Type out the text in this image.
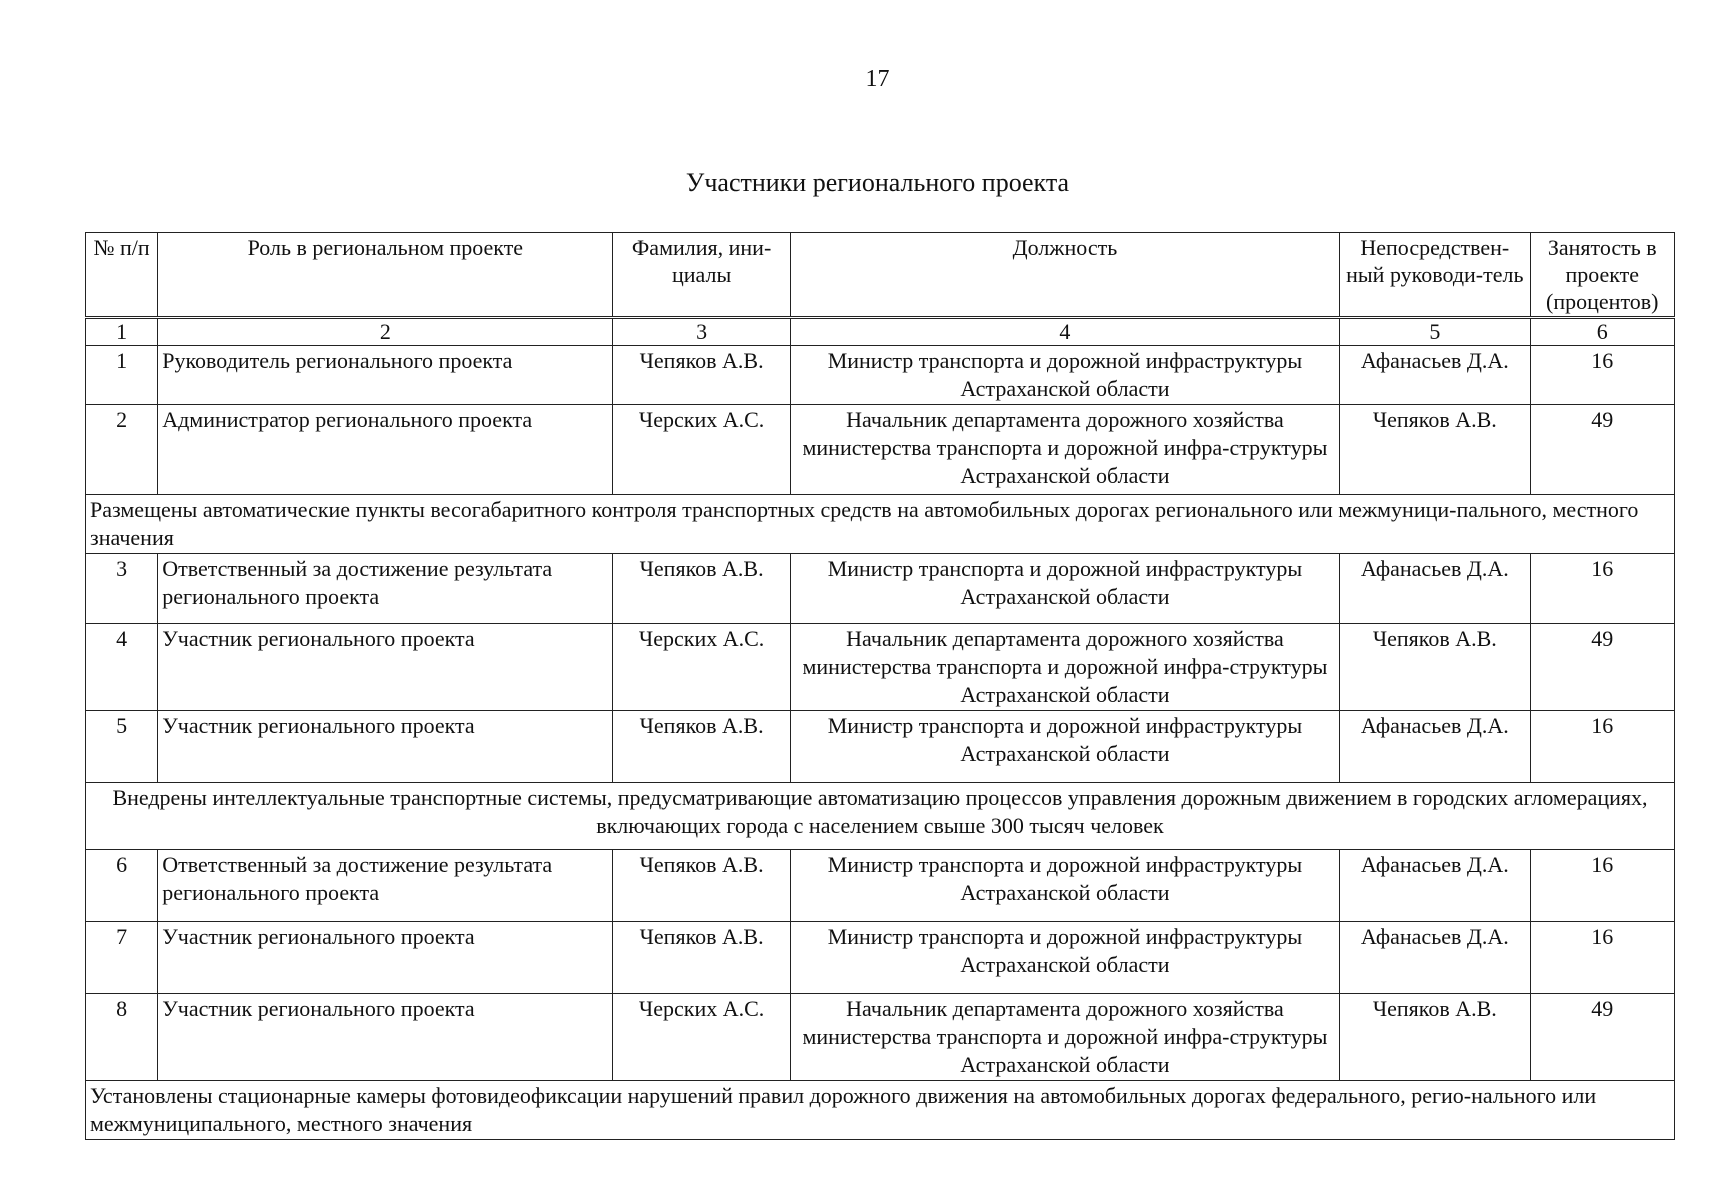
17
Участники регионального проекта
№ п/п	Роль в региональном проекте	Фамилия, ини-циалы	Должность	Непосредствен-ный руководи-тель	Занятость в проекте (процентов)
1	2	3	4	5	6
1	Руководитель регионального проекта	Чепяков А.В.	Министр транспорта и дорожной инфраструктуры Астраханской области	Афанасьев Д.А.	16
2	Администратор регионального проекта	Черских А.С.	Начальник департамента дорожного хозяйства министерства транспорта и дорожной инфра-структуры Астраханской области	Чепяков А.В.	49
Размещены автоматические пункты весогабаритного контроля транспортных средств на автомобильных дорогах регионального или межмуници-пального, местного значения					
3	Ответственный за достижение результата регионального проекта	Чепяков А.В.	Министр транспорта и дорожной инфраструктуры Астраханской области	Афанасьев Д.А.	16
4	Участник регионального проекта	Черских А.С.	Начальник департамента дорожного хозяйства министерства транспорта и дорожной инфра-структуры Астраханской области	Чепяков А.В.	49
5	Участник регионального проекта	Чепяков А.В.	Министр транспорта и дорожной инфраструктуры Астраханской области	Афанасьев Д.А.	16
Внедрены интеллектуальные транспортные системы, предусматривающие автоматизацию процессов управления дорожным движением в городских агломерациях, включающих города с населением свыше 300 тысяч человек					
6	Ответственный за достижение результата регионального проекта	Чепяков А.В.	Министр транспорта и дорожной инфраструктуры Астраханской области	Афанасьев Д.А.	16
7	Участник регионального проекта	Чепяков А.В.	Министр транспорта и дорожной инфраструктуры Астраханской области	Афанасьев Д.А.	16
8	Участник регионального проекта	Черских А.С.	Начальник департамента дорожного хозяйства министерства транспорта и дорожной инфра-структуры Астраханской области	Чепяков А.В.	49
Установлены стационарные камеры фотовидеофиксации нарушений правил дорожного движения на автомобильных дорогах федерального, регио-нального или межмуниципального, местного значения					
